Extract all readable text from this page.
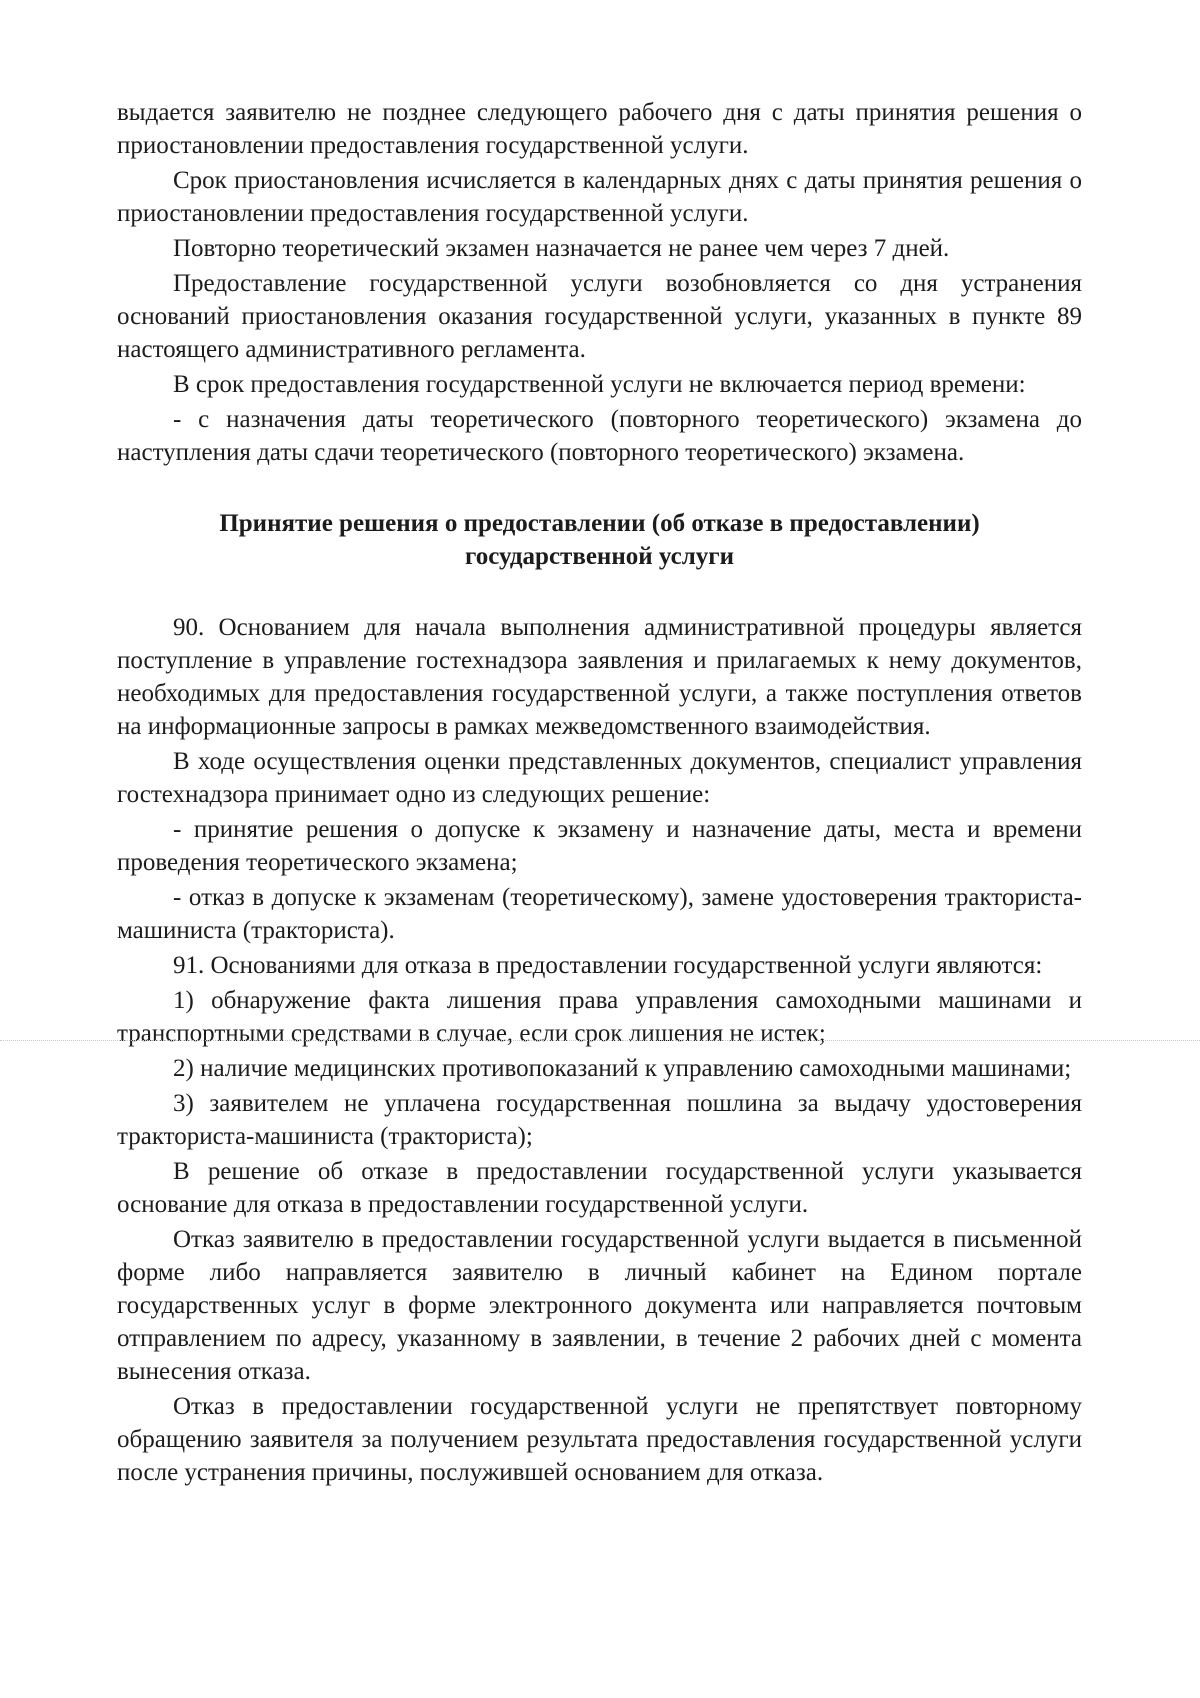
выдается заявителю не позднее следующего рабочего дня с даты принятия решения о приостановлении предоставления государственной услуги.

Срок приостановления исчисляется в календарных днях с даты принятия решения о приостановлении предоставления государственной услуги.

Повторно теоретический экзамен назначается не ранее чем через 7 дней.

Предоставление государственной услуги возобновляется со дня устранения оснований приостановления оказания государственной услуги, указанных в пункте 89 настоящего административного регламента.

В срок предоставления государственной услуги не включается период времени:

- с назначения даты теоретического (повторного теоретического) экзамена до наступления даты сдачи теоретического (повторного теоретического) экзамена.

Принятие решения о предоставлении (об отказе в предоставлении)
государственной услуги

90. Основанием для начала выполнения административной процедуры является поступление в управление гостехнадзора заявления и прилагаемых к нему документов, необходимых для предоставления государственной услуги, а также поступления ответов на информационные запросы в рамках межведомственного взаимодействия.

В ходе осуществления оценки представленных документов, специалист управления гостехнадзора принимает одно из следующих решение:

- принятие решения о допуске к экзамену и назначение даты, места и времени проведения теоретического экзамена;

- отказ в допуске к экзаменам (теоретическому), замене удостоверения тракториста-машиниста (тракториста).

91. Основаниями для отказа в предоставлении государственной услуги являются:

1) обнаружение факта лишения права управления самоходными машинами и транспортными средствами в случае, если срок лишения не истек;

2) наличие медицинских противопоказаний к управлению самоходными машинами;

3) заявителем не уплачена государственная пошлина за выдачу удостоверения тракториста-машиниста (тракториста);

В решение об отказе в предоставлении государственной услуги указывается основание для отказа в предоставлении государственной услуги.

Отказ заявителю в предоставлении государственной услуги выдается в письменной форме либо направляется заявителю в личный кабинет на Едином портале государственных услуг в форме электронного документа или направляется почтовым отправлением по адресу, указанному в заявлении, в течение 2 рабочих дней с момента вынесения отказа.

Отказ в предоставлении государственной услуги не препятствует повторному обращению заявителя за получением результата предоставления государственной услуги после устранения причины, послужившей основанием для отказа.
